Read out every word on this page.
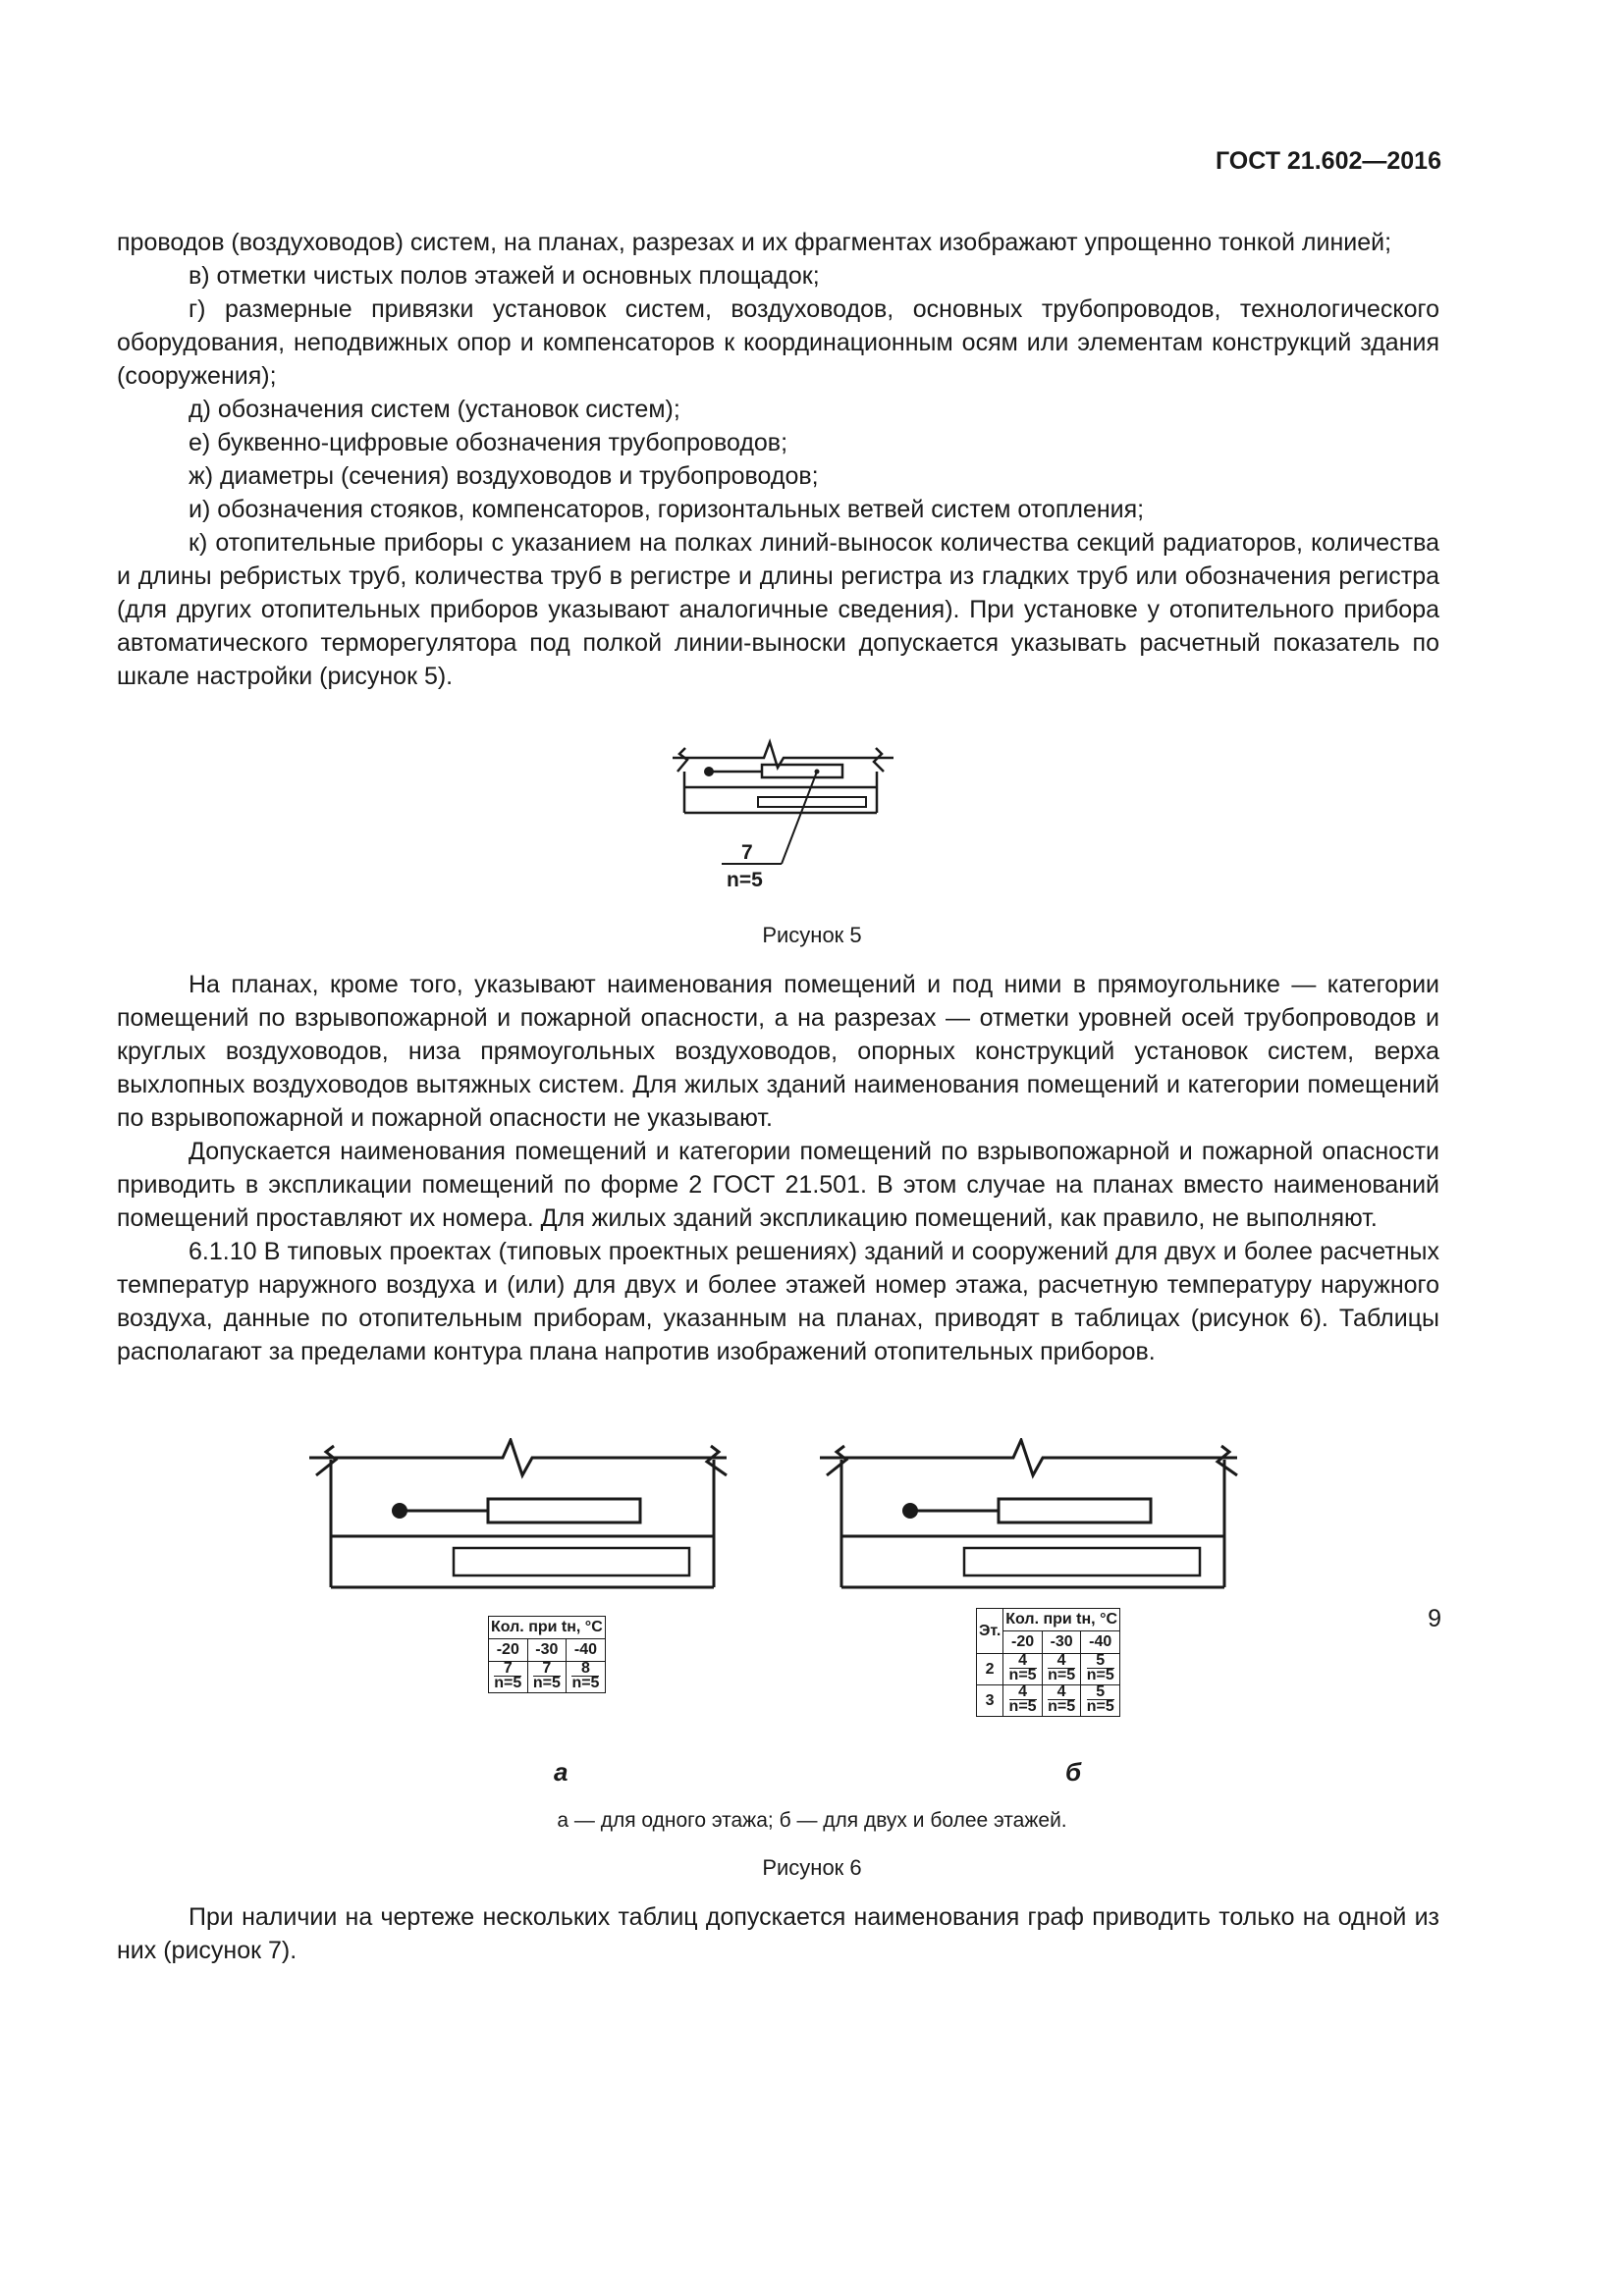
ГОСТ 21.602—2016

проводов (воздуховодов) систем, на планах, разрезах и их фрагментах изображают упрощенно тонкой линией;

в) отметки чистых полов этажей и основных площадок;

г) размерные привязки установок систем, воздуховодов, основных трубопроводов, технологического оборудования, неподвижных опор и компенсаторов к координационным осям или элементам конструкций здания (сооружения);

д) обозначения систем (установок систем);

е) буквенно-цифровые обозначения трубопроводов;

ж) диаметры (сечения) воздуховодов и трубопроводов;

и) обозначения стояков, компенсаторов, горизонтальных ветвей систем отопления;

к) отопительные приборы с указанием на полках линий-выносок количества секций радиаторов, количества и длины ребристых труб, количества труб в регистре и длины регистра из гладких труб или обозначения регистра (для других отопительных приборов указывают аналогичные сведения). При установке у отопительного прибора автоматического терморегулятора под полкой линии-выноски допускается указывать расчетный показатель по шкале настройки (рисунок 5).

7
n=5
Рисунок 5

На планах, кроме того, указывают наименования помещений и под ними в прямоугольнике — категории помещений по взрывопожарной и пожарной опасности, а на разрезах — отметки уровней осей трубопроводов и круглых воздуховодов, низа прямоугольных воздуховодов, опорных конструкций установок систем, верха выхлопных воздуховодов вытяжных систем. Для жилых зданий наименования помещений и категории помещений по взрывопожарной и пожарной опасности не указывают.

Допускается наименования помещений и категории помещений по взрывопожарной и пожарной опасности приводить в экспликации помещений по форме 2 ГОСТ 21.501. В этом случае на планах вместо наименований помещений проставляют их номера. Для жилых зданий экспликацию помещений, как правило, не выполняют.

6.1.10 В типовых проектах (типовых проектных решениях) зданий и сооружений для двух и более расчетных температур наружного воздуха и (или) для двух и более этажей номер этажа, расчетную температуру наружного воздуха, данные по отопительным приборам, указанным на планах, приводят в таблицах (рисунок 6). Таблицы располагают за пределами контура плана напротив изображений отопительных приборов.

Кол. при tн, °С		
-20	-30	-40

$\frac{7}{n=5}$	$\frac{7}{n=5}$	$\frac{8}{n=5}$
Эт.	Кол. при tн, °С		
	-20	-30	-40
2	$\frac{4}{n=5}$	$\frac{4}{n=5}$	$\frac{5}{n=5}$

3	$\frac{4}{n=5}$	$\frac{4}{n=5}$	$\frac{5}{n=5}$
а	б
а — для одного этажа; б — для двух и более этажей.
Рисунок 6

При наличии на чертеже нескольких таблиц допускается наименования граф приводить только на одной из них (рисунок 7).

9
